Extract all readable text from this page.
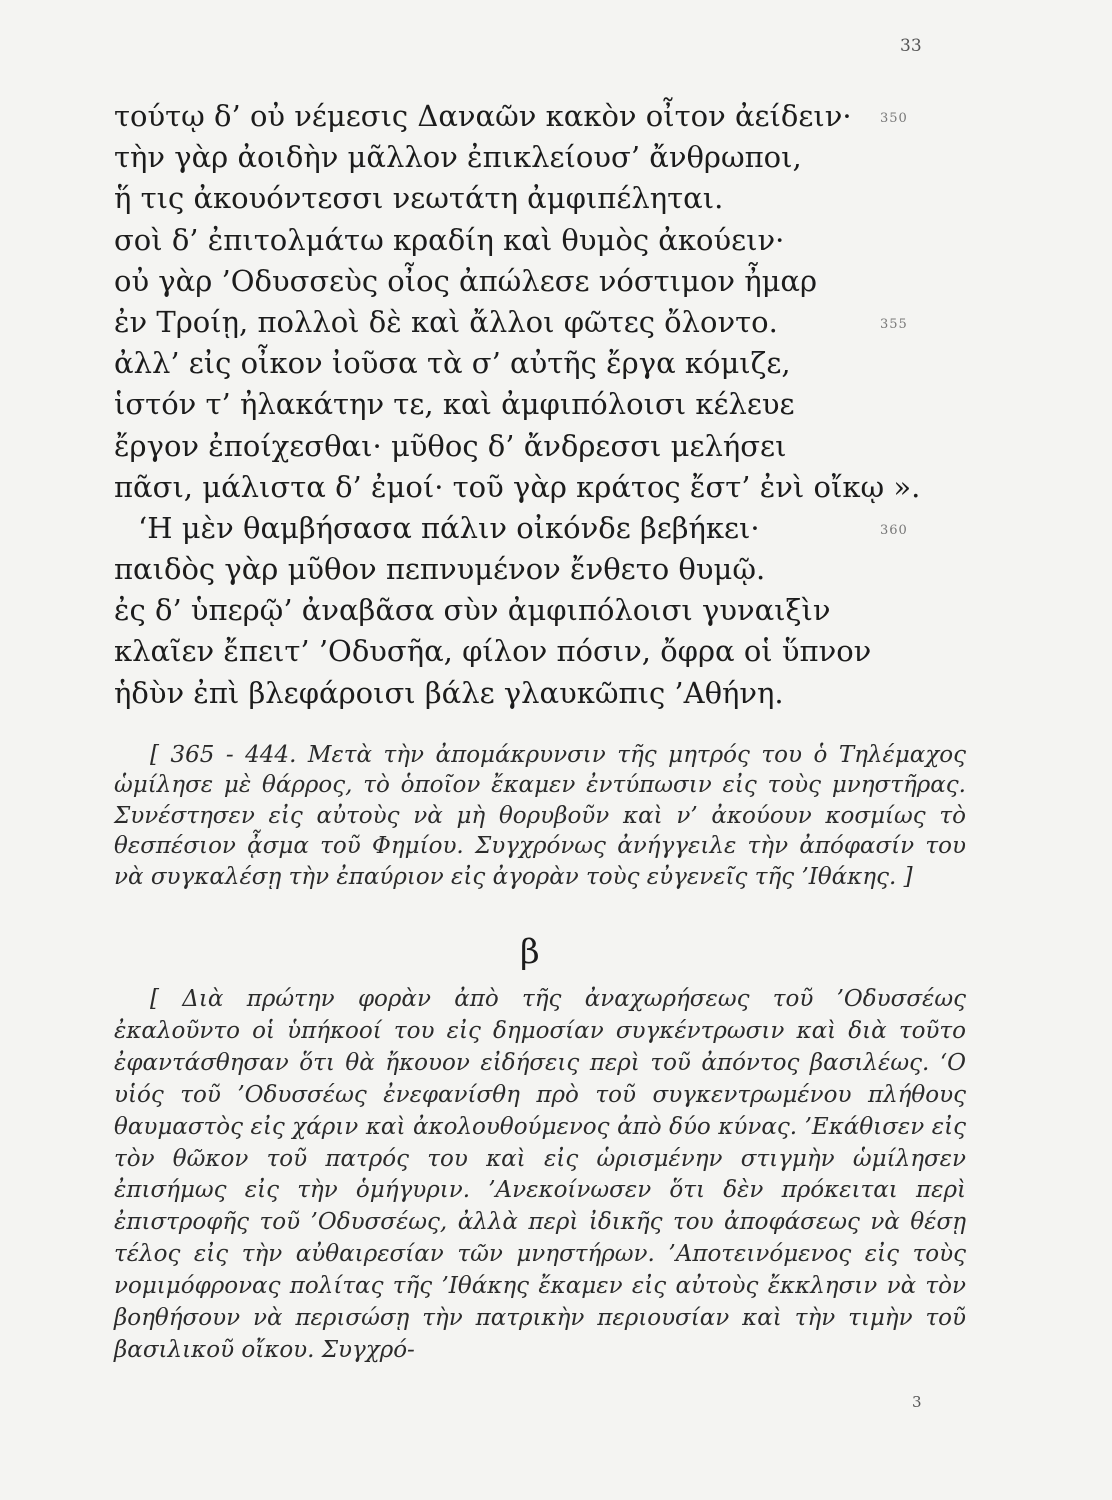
33
τούτῳ δ’ οὐ νέμεσις Δαναῶν κακὸν οἶτον ἀείδειν· 350
τὴν γὰρ ἀοιδὴν μᾶλλον ἐπικλείουσ’ ἄνθρωποι,
ἥ τις ἀκουόντεσσι νεωτάτη ἀμφιπέληται.
σοὶ δ’ ἐπιτολμάτω κραδίη καὶ θυμὸς ἀκούειν·
οὐ γὰρ ’Οδυσσεὺς οἶος ἀπώλεσε νόστιμον ἦμαρ
ἐν Τροίῃ, πολλοὶ δὲ καὶ ἄλλοι φῶτες ὄλοντο.	355
ἀλλ’ εἰς οἶκον ἰοῦσα τὰ σ’ αὐτῆς ἔργα κόμιζε,
ἱστόν τ’ ἠλακάτην τε, καὶ ἀμφιπόλοισι κέλευε
ἔργον ἐποίχεσθαι· μῦθος δ’ ἄνδρεσσι μελήσει
πᾶσι, μάλιστα δ’ ἐμοί· τοῦ γὰρ κράτος ἔστ’ ἐνὶ οἴκῳ ».
‘Η μὲν θαμβήσασα πάλιν οἰκόνδε βεβήκει·	360
παιδὸς γὰρ μῦθον πεπνυμένον ἔνθετο θυμῷ.
ἐς δ’ ὑπερῷ’ ἀναβᾶσα σὺν ἀμφιπόλοισι γυναιξὶν
κλαῖεν ἔπειτ’ ’Οδυσῆα, φίλον πόσιν, ὄφρα οἱ ὕπνον
ἡδὺν ἐπὶ βλεφάροισι βάλε γλαυκῶπις ’Αθήνη.

[ 365 - 444. Μετὰ τὴν ἀπομάκρυνσιν τῆς μητρός του ὁ Τηλέμαχος ὡμίλησε μὲ θάρρος, τὸ ὁποῖον ἔκαμεν ἐντύπωσιν εἰς τοὺς μνηστῆρας. Συνέστησεν εἰς αὐτοὺς νὰ μὴ θορυβοῦν καὶ ν’ ἀκούουν κοσμίως τὸ θεσπέσιον ᾆσμα τοῦ Φημίου. Συγχρόνως ἀνήγγειλε τὴν ἀπόφασίν του νὰ συγκαλέσῃ τὴν ἐπαύριον εἰς ἀγορὰν τοὺς εὐγενεῖς τῆς ’Ιθάκης. ]

β

[ Διὰ πρώτην φορὰν ἀπὸ τῆς ἀναχωρήσεως τοῦ ’Οδυσσέως ἐκαλοῦντο οἱ ὑπήκοοί του εἰς δημοσίαν συγκέντρωσιν καὶ διὰ τοῦτο ἐφαντάσθησαν ὅτι θὰ ἤκουον εἰδήσεις περὶ τοῦ ἀπόντος βασιλέως. ‘Ο υἱός τοῦ ’Οδυσσέως ἐνεφανίσθη πρὸ τοῦ συγκεντρωμένου πλήθους θαυμαστὸς εἰς χάριν καὶ ἀκολουθούμενος ἀπὸ δύο κύνας. ’Εκάθισεν εἰς τὸν θῶκον τοῦ πατρός του καὶ εἰς ὡρισμένην στιγμὴν ὡμίλησεν ἐπισήμως εἰς τὴν ὁμήγυριν. ’Ανεκοίνωσεν ὅτι δὲν πρόκειται περὶ ἐπιστροφῆς τοῦ ’Οδυσσέως, ἀλλὰ περὶ ἰδικῆς του ἀποφάσεως νὰ θέσῃ τέλος εἰς τὴν αὐθαιρεσίαν τῶν μνηστήρων. ’Αποτεινόμενος εἰς τοὺς νομιμόφρονας πολίτας τῆς ’Ιθάκης ἔκαμεν εἰς αὐτοὺς ἔκκλησιν νὰ τὸν βοηθήσουν νὰ περισώσῃ τὴν πατρικὴν περιουσίαν καὶ τὴν τιμὴν τοῦ βασιλικοῦ οἴκου. Συγχρό-

3
